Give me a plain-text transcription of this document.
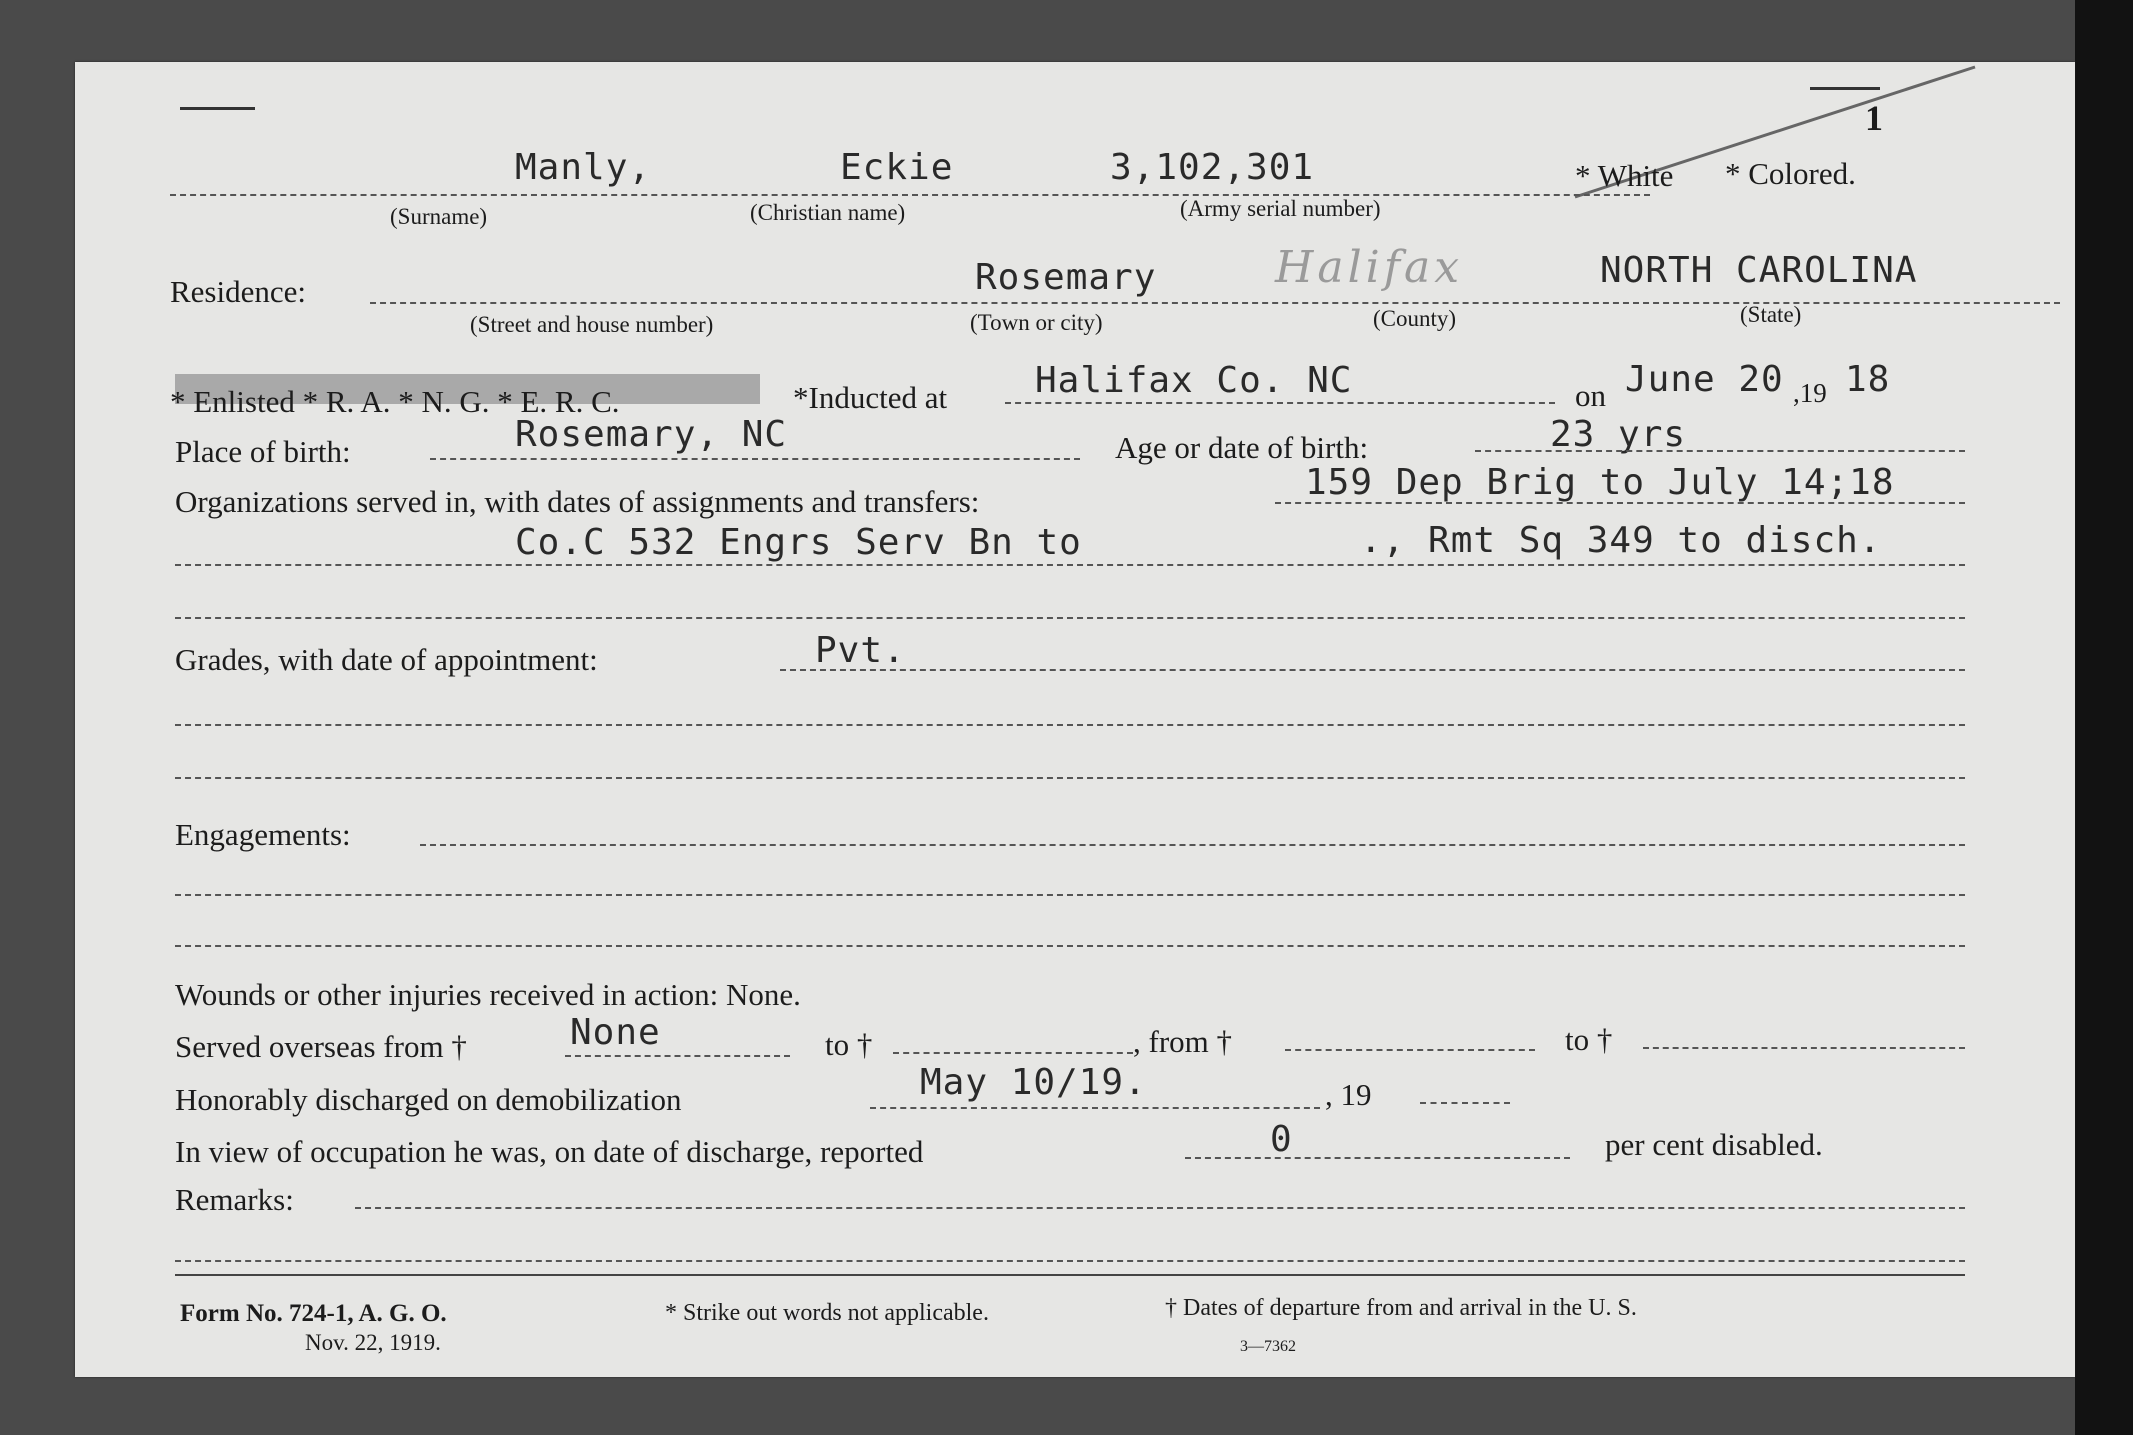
1
Manly,	Eckie	3,102,301	* White * Colored.
(Surname)	(Christian name)	(Army serial number)
Residence:	Rosemary	Halifax	NORTH CAROLINA
(Street and house number)	(Town or city)	(County)	(State)
* Enlisted * R. A. * N. G. * E. R. C.	*Inducted at Halifax Co. NC	on June 20 ,19 18
Place of birth:	Rosemary, NC	Age or date of birth:	23 yrs
Organizations served in, with dates of assignments and transfers:	159 Dep Brig to July 14;18
Co.C 532 Engrs Serv Bn to	., Rmt Sq 349 to disch.
Grades, with date of appointment:	Pvt.
Engagements:
Wounds or other injuries received in action: None.
Served overseas from †	None	to †	, from †	to †
Honorably discharged on demobilization	May 10/19.	, 19
In view of occupation he was, on date of discharge, reported	0	per cent disabled.
Remarks:
Form No. 724-1, A. G. O.
Nov. 22, 1919.
* Strike out words not applicable.	† Dates of departure from and arrival in the U. S.
3—7362
